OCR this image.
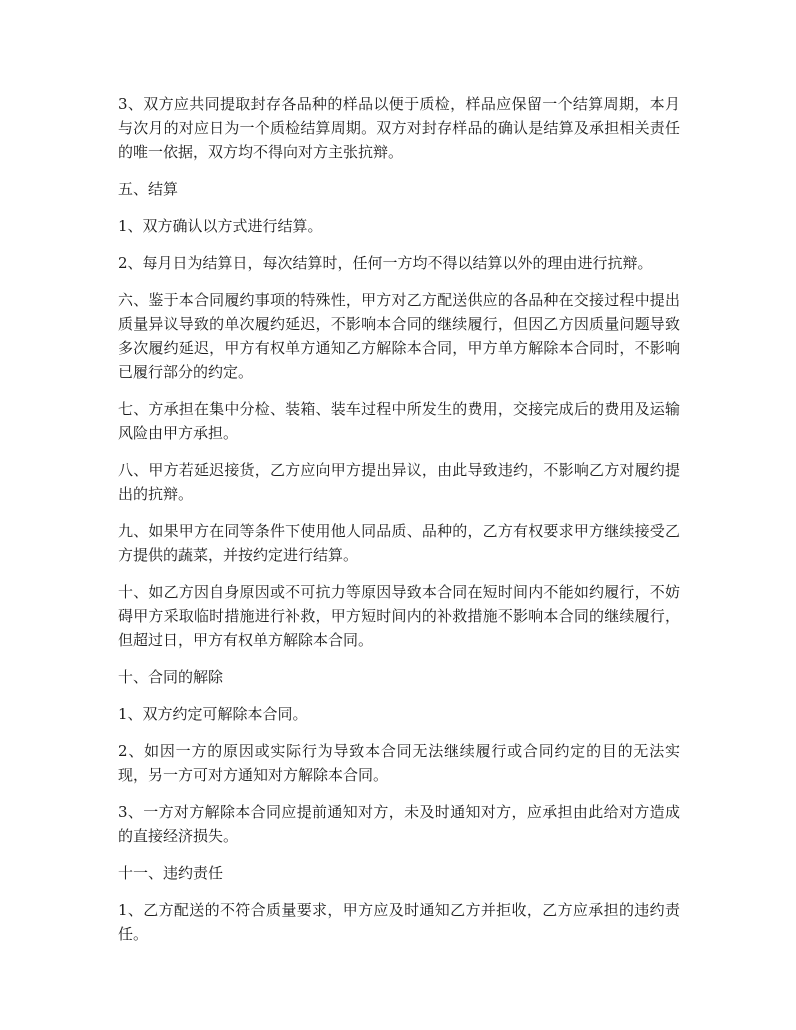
3、双方应共同提取封存各品种的样品以便于质检，样品应保留一个结算周期，本月与次月的对应日为一个质检结算周期。双方对封存样品的确认是结算及承担相关责任的唯一依据，双方均不得向对方主张抗辩。

五、结算

1、双方确认以方式进行结算。

2、每月日为结算日，每次结算时，任何一方均不得以结算以外的理由进行抗辩。

六、鉴于本合同履约事项的特殊性，甲方对乙方配送供应的各品种在交接过程中提出质量异议导致的单次履约延迟，不影响本合同的继续履行，但因乙方因质量问题导致多次履约延迟，甲方有权单方通知乙方解除本合同，甲方单方解除本合同时，不影响已履行部分的约定。

七、方承担在集中分检、装箱、装车过程中所发生的费用，交接完成后的费用及运输风险由甲方承担。

八、甲方若延迟接货，乙方应向甲方提出异议，由此导致违约，不影响乙方对履约提出的抗辩。

九、如果甲方在同等条件下使用他人同品质、品种的，乙方有权要求甲方继续接受乙方提供的蔬菜，并按约定进行结算。

十、如乙方因自身原因或不可抗力等原因导致本合同在短时间内不能如约履行，不妨碍甲方采取临时措施进行补救，甲方短时间内的补救措施不影响本合同的继续履行，但超过日，甲方有权单方解除本合同。

十、合同的解除

1、双方约定可解除本合同。

2、如因一方的原因或实际行为导致本合同无法继续履行或合同约定的目的无法实现，另一方可对方通知对方解除本合同。

3、一方对方解除本合同应提前通知对方，未及时通知对方，应承担由此给对方造成的直接经济损失。

十一、违约责任

1、乙方配送的不符合质量要求，甲方应及时通知乙方并拒收，乙方应承担的违约责任。
